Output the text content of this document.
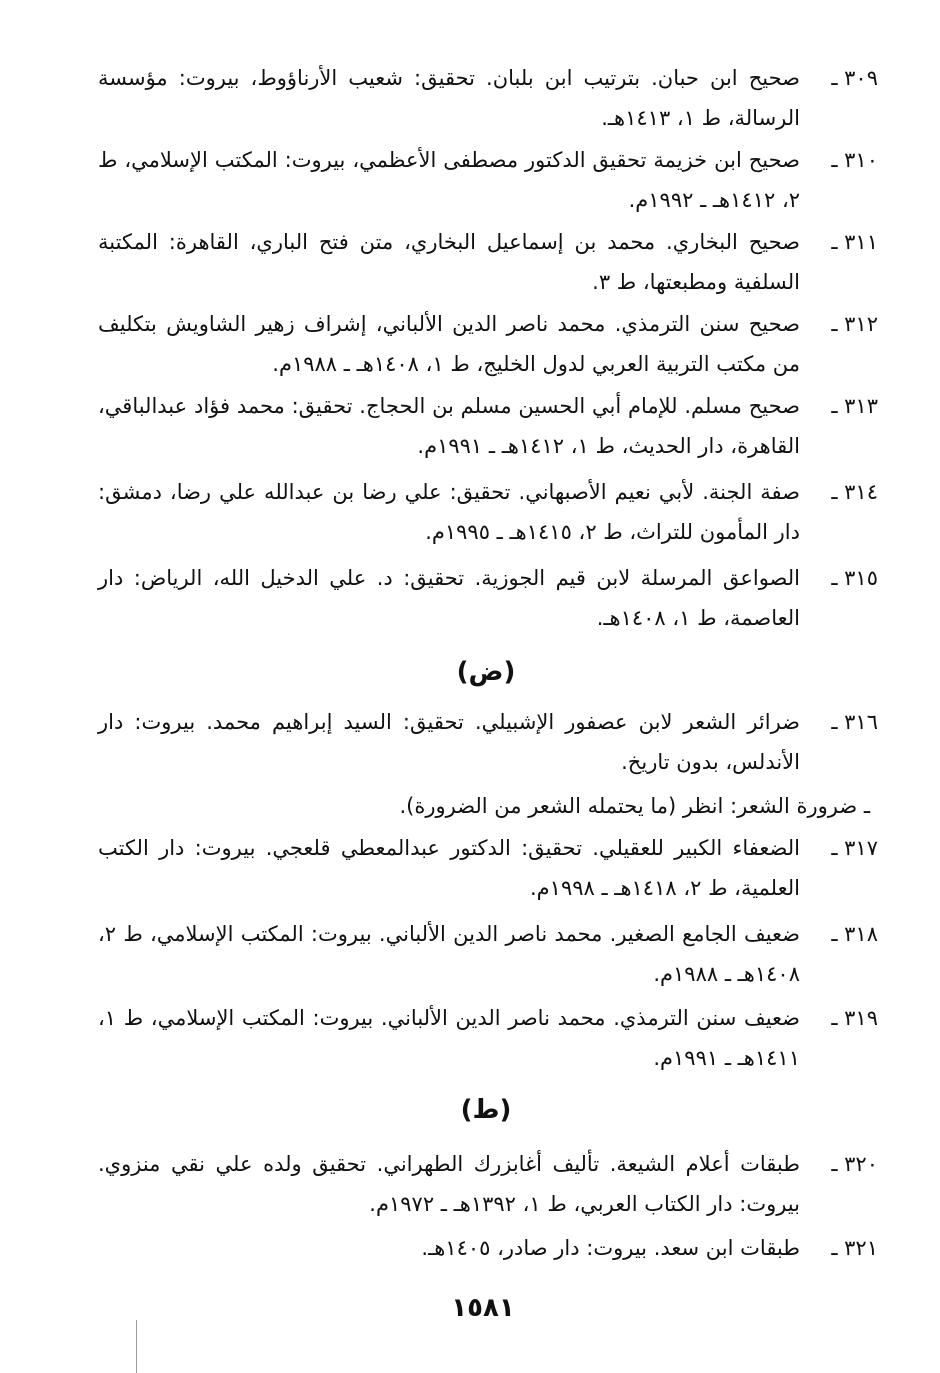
٣٠٩ ـ
صحيح ابن حبان. بترتيب ابن بلبان. تحقيق: شعيب الأرناؤوط، بيروت: مؤسسة الرسالة، ط ١، ١٤١٣هـ.
٣١٠ ـ
صحيح ابن خزيمة تحقيق الدكتور مصطفى الأعظمي، بيروت: المكتب الإسلامي، ط ٢، ١٤١٢هـ ـ ١٩٩٢م.
٣١١ ـ
صحيح البخاري. محمد بن إسماعيل البخاري، متن فتح الباري، القاهرة: المكتبة السلفية ومطبعتها، ط ٣.
٣١٢ ـ
صحيح سنن الترمذي. محمد ناصر الدين الألباني، إشراف زهير الشاويش بتكليف من مكتب التربية العربي لدول الخليج، ط ١، ١٤٠٨هـ ـ ١٩٨٨م.
٣١٣ ـ
صحيح مسلم. للإمام أبي الحسين مسلم بن الحجاج. تحقيق: محمد فؤاد عبدالباقي، القاهرة، دار الحديث، ط ١، ١٤١٢هـ ـ ١٩٩١م.
٣١٤ ـ
صفة الجنة. لأبي نعيم الأصبهاني. تحقيق: علي رضا بن عبدالله علي رضا، دمشق: دار المأمون للتراث، ط ٢، ١٤١٥هـ ـ ١٩٩٥م.
٣١٥ ـ
الصواعق المرسلة لابن قيم الجوزية. تحقيق: د. علي الدخيل الله، الرياض: دار العاصمة، ط ١، ١٤٠٨هـ.
(ض)
٣١٦ ـ
ضرائر الشعر لابن عصفور الإشبيلي. تحقيق: السيد إبراهيم محمد. بيروت: دار الأندلس، بدون تاريخ.
ـ ضرورة الشعر: انظر (ما يحتمله الشعر من الضرورة).
٣١٧ ـ
الضعفاء الكبير للعقيلي. تحقيق: الدكتور عبدالمعطي قلعجي. بيروت: دار الكتب العلمية، ط ٢، ١٤١٨هـ ـ ١٩٩٨م.
٣١٨ ـ
ضعيف الجامع الصغير. محمد ناصر الدين الألباني. بيروت: المكتب الإسلامي، ط ٢، ١٤٠٨هـ ـ ١٩٨٨م.
٣١٩ ـ
ضعيف سنن الترمذي. محمد ناصر الدين الألباني. بيروت: المكتب الإسلامي، ط ١، ١٤١١هـ ـ ١٩٩١م.
(ط)
٣٢٠ ـ
طبقات أعلام الشيعة. تأليف أغابزرك الطهراني. تحقيق ولده علي نقي منزوي. بيروت: دار الكتاب العربي، ط ١، ١٣٩٢هـ ـ ١٩٧٢م.
٣٢١ ـ
طبقات ابن سعد. بيروت: دار صادر، ١٤٠٥هـ.
١٥٨١
